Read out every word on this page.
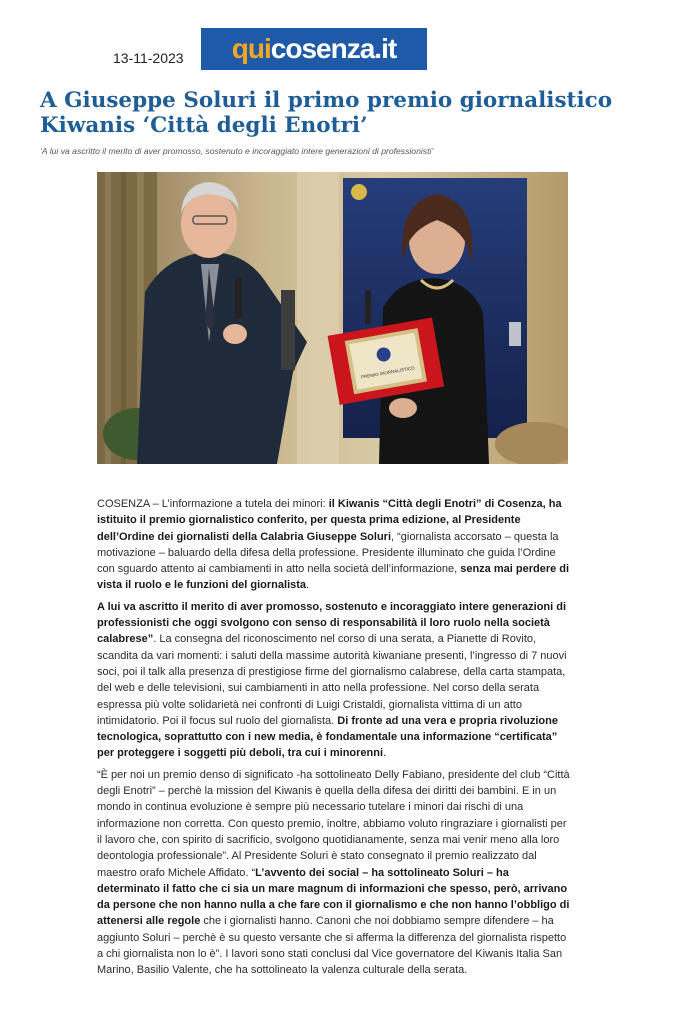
13-11-2023 qui cosenza.it
A Giuseppe Soluri il primo premio giornalistico Kiwanis ‘Città degli Enotri’

‘A lui va ascritto il merito di aver promosso, sostenuto e incoraggiato intere generazioni di professionisti’

PREMIO GIORNALISTICO

COSENZA – L’informazione a tutela dei minori: il Kiwanis “Città degli Enotri” di Cosenza, ha istituito il premio giornalistico conferito, per questa prima edizione, al Presidente dell’Ordine dei giornalisti della Calabria Giuseppe Soluri, “giornalista accorsato – questa la motivazione – baluardo della difesa della professione. Presidente illuminato che guida l’Ordine con sguardo attento ai cambiamenti in atto nella società dell’informazione, senza mai perdere di vista il ruolo e le funzioni del giornalista.

A lui va ascritto il merito di aver promosso, sostenuto e incoraggiato intere generazioni di professionisti che oggi svolgono con senso di responsabilità il loro ruolo nella società calabrese”. La consegna del riconoscimento nel corso di una serata, a Pianette di Rovito, scandita da vari momenti: i saluti della massime autorità kiwaniane presenti, l’ingresso di 7 nuovi soci, poi il talk alla presenza di prestigiose firme del giornalismo calabrese, della carta stampata, del web e delle televisioni, sui cambiamenti in atto nella professione. Nel corso della serata espressa più volte solidarietà nei confronti di Luigi Cristaldi, giornalista vittima di un atto intimidatorio. Poi il focus sul ruolo del giornalista. Di fronte ad una vera e propria rivoluzione tecnologica, soprattutto con i new media, è fondamentale una informazione “certificata” per proteggere i soggetti più deboli, tra cui i minorenni.

“È per noi un premio denso di significato -ha sottolineato Delly Fabiano, presidente del club “Città degli Enotri” – perchè la mission del Kiwanis è quella della difesa dei diritti dei bambini. E in un mondo in continua evoluzione è sempre più necessario tutelare i minori dai rischi di una informazione non corretta. Con questo premio, inoltre, abbiamo voluto ringraziare i giornalisti per il lavoro che, con spirito di sacrificio, svolgono quotidianamente, senza mai venir meno alla loro deontologia professionale”. Al Presidente Soluri è stato consegnato il premio realizzato dal maestro orafo Michele Affidato. “L’avvento dei social – ha sottolineato Soluri – ha determinato il fatto che ci sia un mare magnum di informazioni che spesso, però, arrivano da persone che non hanno nulla a che fare con il giornalismo e che non hanno l’obbligo di attenersi alle regole che i giornalisti hanno. Canoni che noi dobbiamo sempre difendere – ha aggiunto Soluri – perchè è su questo versante che si afferma la differenza del giornalista rispetto a chi giornalista non lo è”. I lavori sono stati conclusi dal Vice governatore del Kiwanis Italia San Marino, Basilio Valente, che ha sottolineato la valenza culturale della serata.
